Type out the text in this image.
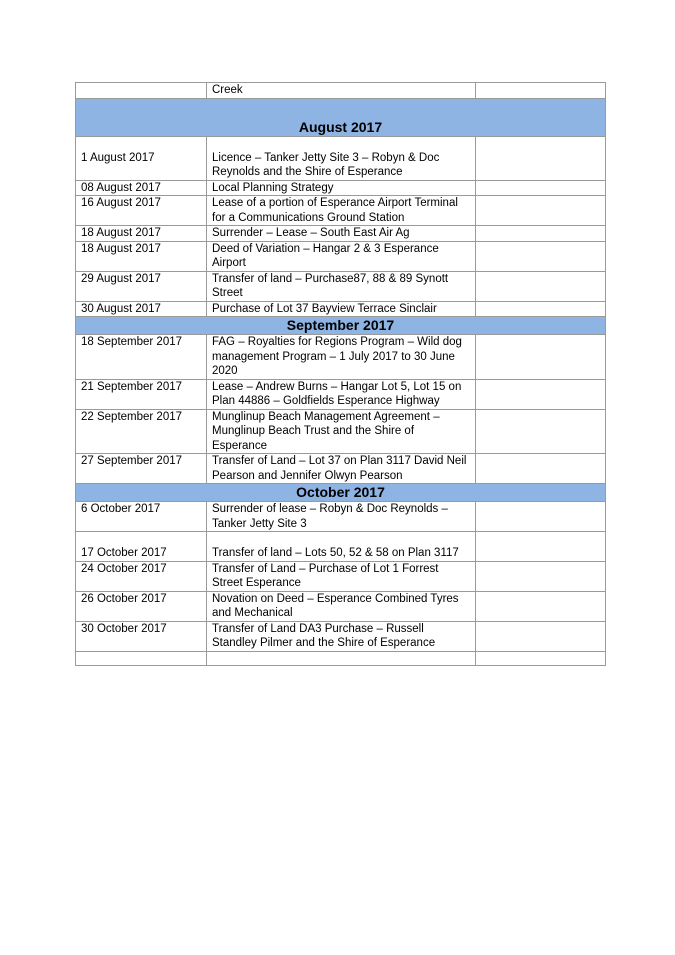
	Creek	
August 2017		
1 August 2017	Licence – Tanker Jetty Site 3 – Robyn & Doc Reynolds and the Shire of Esperance	
08 August 2017	Local Planning Strategy	
16 August 2017	Lease of a portion of Esperance Airport Terminal for a Communications Ground Station	
18 August 2017	Surrender – Lease – South East Air Ag	
18 August 2017	Deed of Variation – Hangar 2 & 3 Esperance Airport	
29 August 2017	Transfer of land – Purchase87, 88 & 89 Synott Street	
30 August 2017	Purchase of Lot 37 Bayview Terrace Sinclair	
September 2017		
18 September 2017	FAG – Royalties for Regions Program – Wild dog management Program – 1 July 2017 to 30 June 2020	
21 September 2017	Lease – Andrew Burns – Hangar Lot 5, Lot 15 on Plan 44886 – Goldfields Esperance Highway	
22 September 2017	Munglinup Beach Management Agreement – Munglinup Beach Trust and the Shire of Esperance	
27 September 2017	Transfer of Land – Lot 37 on Plan 3117 David Neil Pearson and Jennifer Olwyn Pearson	
October 2017		
6 October 2017	Surrender of lease – Robyn & Doc Reynolds – Tanker Jetty Site 3	
17 October 2017	Transfer of land – Lots 50, 52 & 58 on Plan 3117	
24 October 2017	Transfer of Land – Purchase of Lot 1 Forrest Street Esperance	
26 October 2017	Novation on Deed – Esperance Combined Tyres and Mechanical	
30 October 2017	Transfer of Land DA3 Purchase – Russell Standley Pilmer and the Shire of Esperance	
